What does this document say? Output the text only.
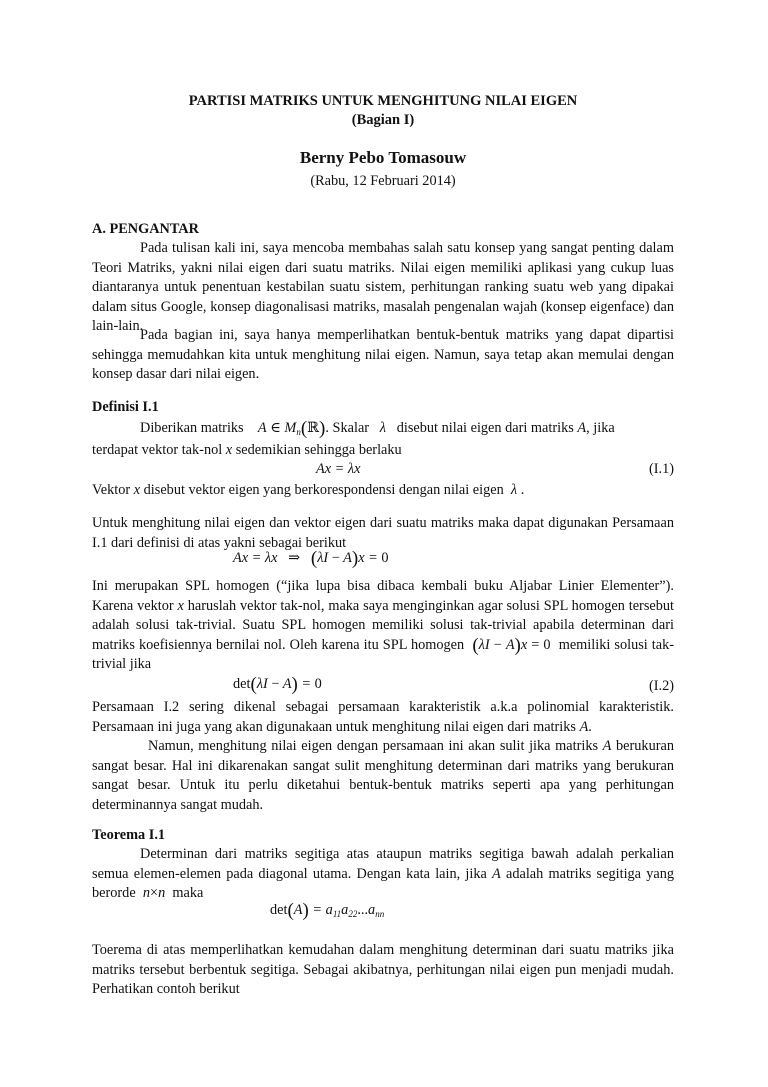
PARTISI MATRIKS UNTUK MENGHITUNG NILAI EIGEN
(Bagian I)
Berny Pebo Tomasouw
(Rabu, 12 Februari 2014)
A. PENGANTAR
Pada tulisan kali ini, saya mencoba membahas salah satu konsep yang sangat penting dalam Teori Matriks, yakni nilai eigen dari suatu matriks. Nilai eigen memiliki aplikasi yang cukup luas diantaranya untuk penentuan kestabilan suatu sistem, perhitungan ranking suatu web yang dipakai dalam situs Google, konsep diagonalisasi matriks, masalah pengenalan wajah (konsep eigenface) dan lain-lain.
Pada bagian ini, saya hanya memperlihatkan bentuk-bentuk matriks yang dapat dipartisi sehingga memudahkan kita untuk menghitung nilai eigen. Namun, saya tetap akan memulai dengan konsep dasar dari nilai eigen.
Definisi I.1
Diberikan matriks A ∈ $M_n(ℝ)$. Skalar λ disebut nilai eigen dari matriks A, jika
terdapat vektor tak-nol x sedemikian sehingga berlaku
Ax = λx	(I.1)
Vektor x disebut vektor eigen yang berkorespondensi dengan nilai eigen λ .
Untuk menghitung nilai eigen dan vektor eigen dari suatu matriks maka dapat digunakan Persamaan I.1 dari definisi di atas yakni sebagai berikut
Ax = λx ⇒ (λI − A)x = 0
Ini merupakan SPL homogen (“jika lupa bisa dibaca kembali buku Aljabar Linier Elementer”). Karena vektor x haruslah vektor tak-nol, maka saya menginginkan agar solusi SPL homogen tersebut adalah solusi tak-trivial. Suatu SPL homogen memiliki solusi tak-trivial apabila determinan dari matriks koefisiennya bernilai nol. Oleh karena itu SPL homogen (λI − A)x = 0 memiliki solusi tak-trivial jika
det(λI − A) = 0	(I.2)
Persamaan I.2 sering dikenal sebagai persamaan karakteristik a.k.a polinomial karakteristik. Persamaan ini juga yang akan digunakaan untuk menghitung nilai eigen dari matriks A.
Namun, menghitung nilai eigen dengan persamaan ini akan sulit jika matriks A berukuran sangat besar. Hal ini dikarenakan sangat sulit menghitung determinan dari matriks yang berukuran sangat besar. Untuk itu perlu diketahui bentuk-bentuk matriks seperti apa yang perhitungan determinannya sangat mudah.
Teorema I.1
Determinan dari matriks segitiga atas ataupun matriks segitiga bawah adalah perkalian semua elemen-elemen pada diagonal utama. Dengan kata lain, jika A adalah matriks segitiga yang berorde n×n maka
$\det(A) = a_{11}a_{22}...a_{nn}$
Toerema di atas memperlihatkan kemudahan dalam menghitung determinan dari suatu matriks jika matriks tersebut berbentuk segitiga. Sebagai akibatnya, perhitungan nilai eigen pun menjadi mudah. Perhatikan contoh berikut
